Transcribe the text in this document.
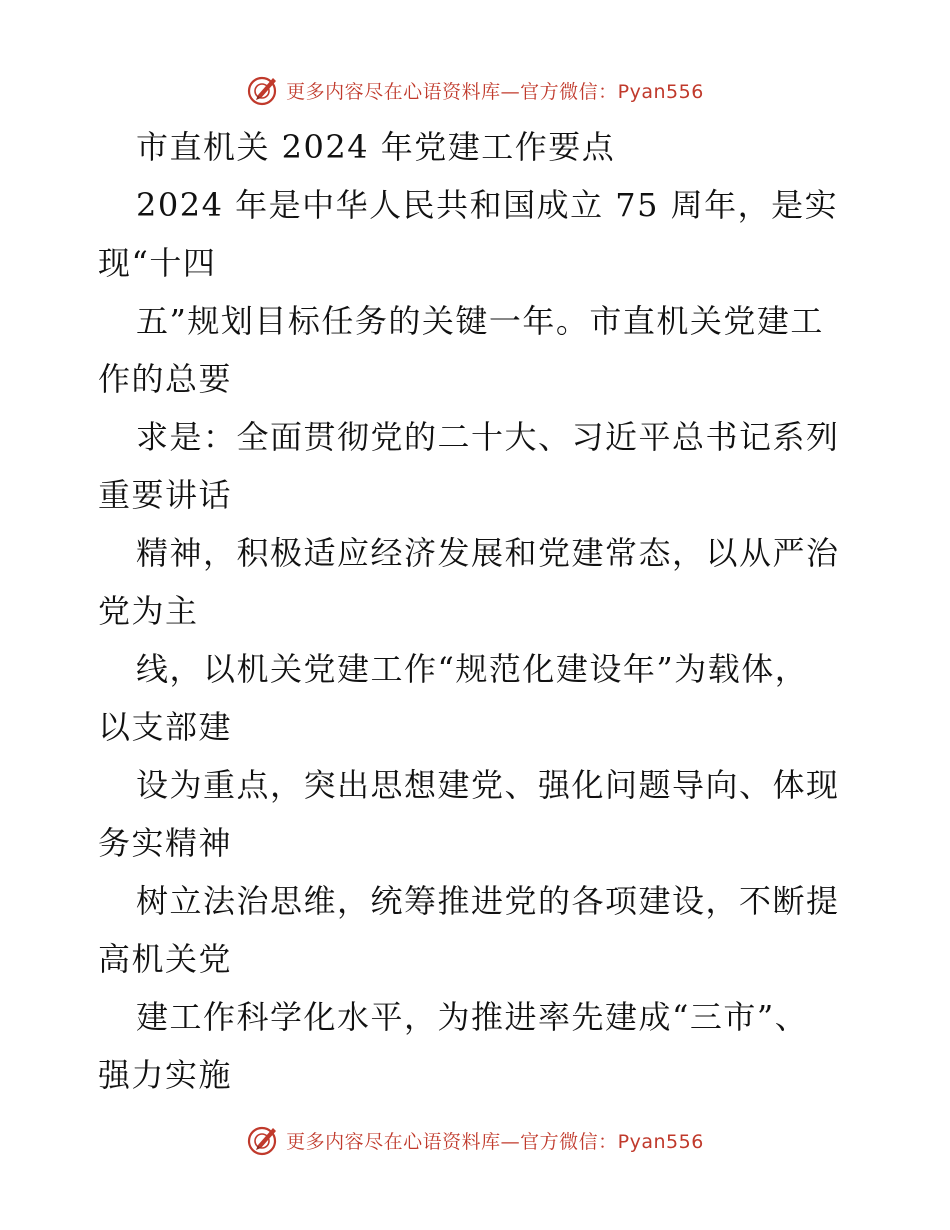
更多内容尽在心语资料库—官方微信：Pyan556
市直机关 2024 年党建工作要点
2024 年是中华人民共和国成立 75 周年，是实
现“十四
五”规划目标任务的关键一年。市直机关党建工
作的总要
求是：全面贯彻党的二十大、习近平总书记系列
重要讲话
精神，积极适应经济发展和党建常态，以从严治
党为主
线，以机关党建工作“规范化建设年”为载体，
以支部建
设为重点，突出思想建党、强化问题导向、体现
务实精神
树立法治思维，统筹推进党的各项建设，不断提
高机关党
建工作科学化水平，为推进率先建成“三市”、
强力实施
更多内容尽在心语资料库—官方微信：Pyan556
